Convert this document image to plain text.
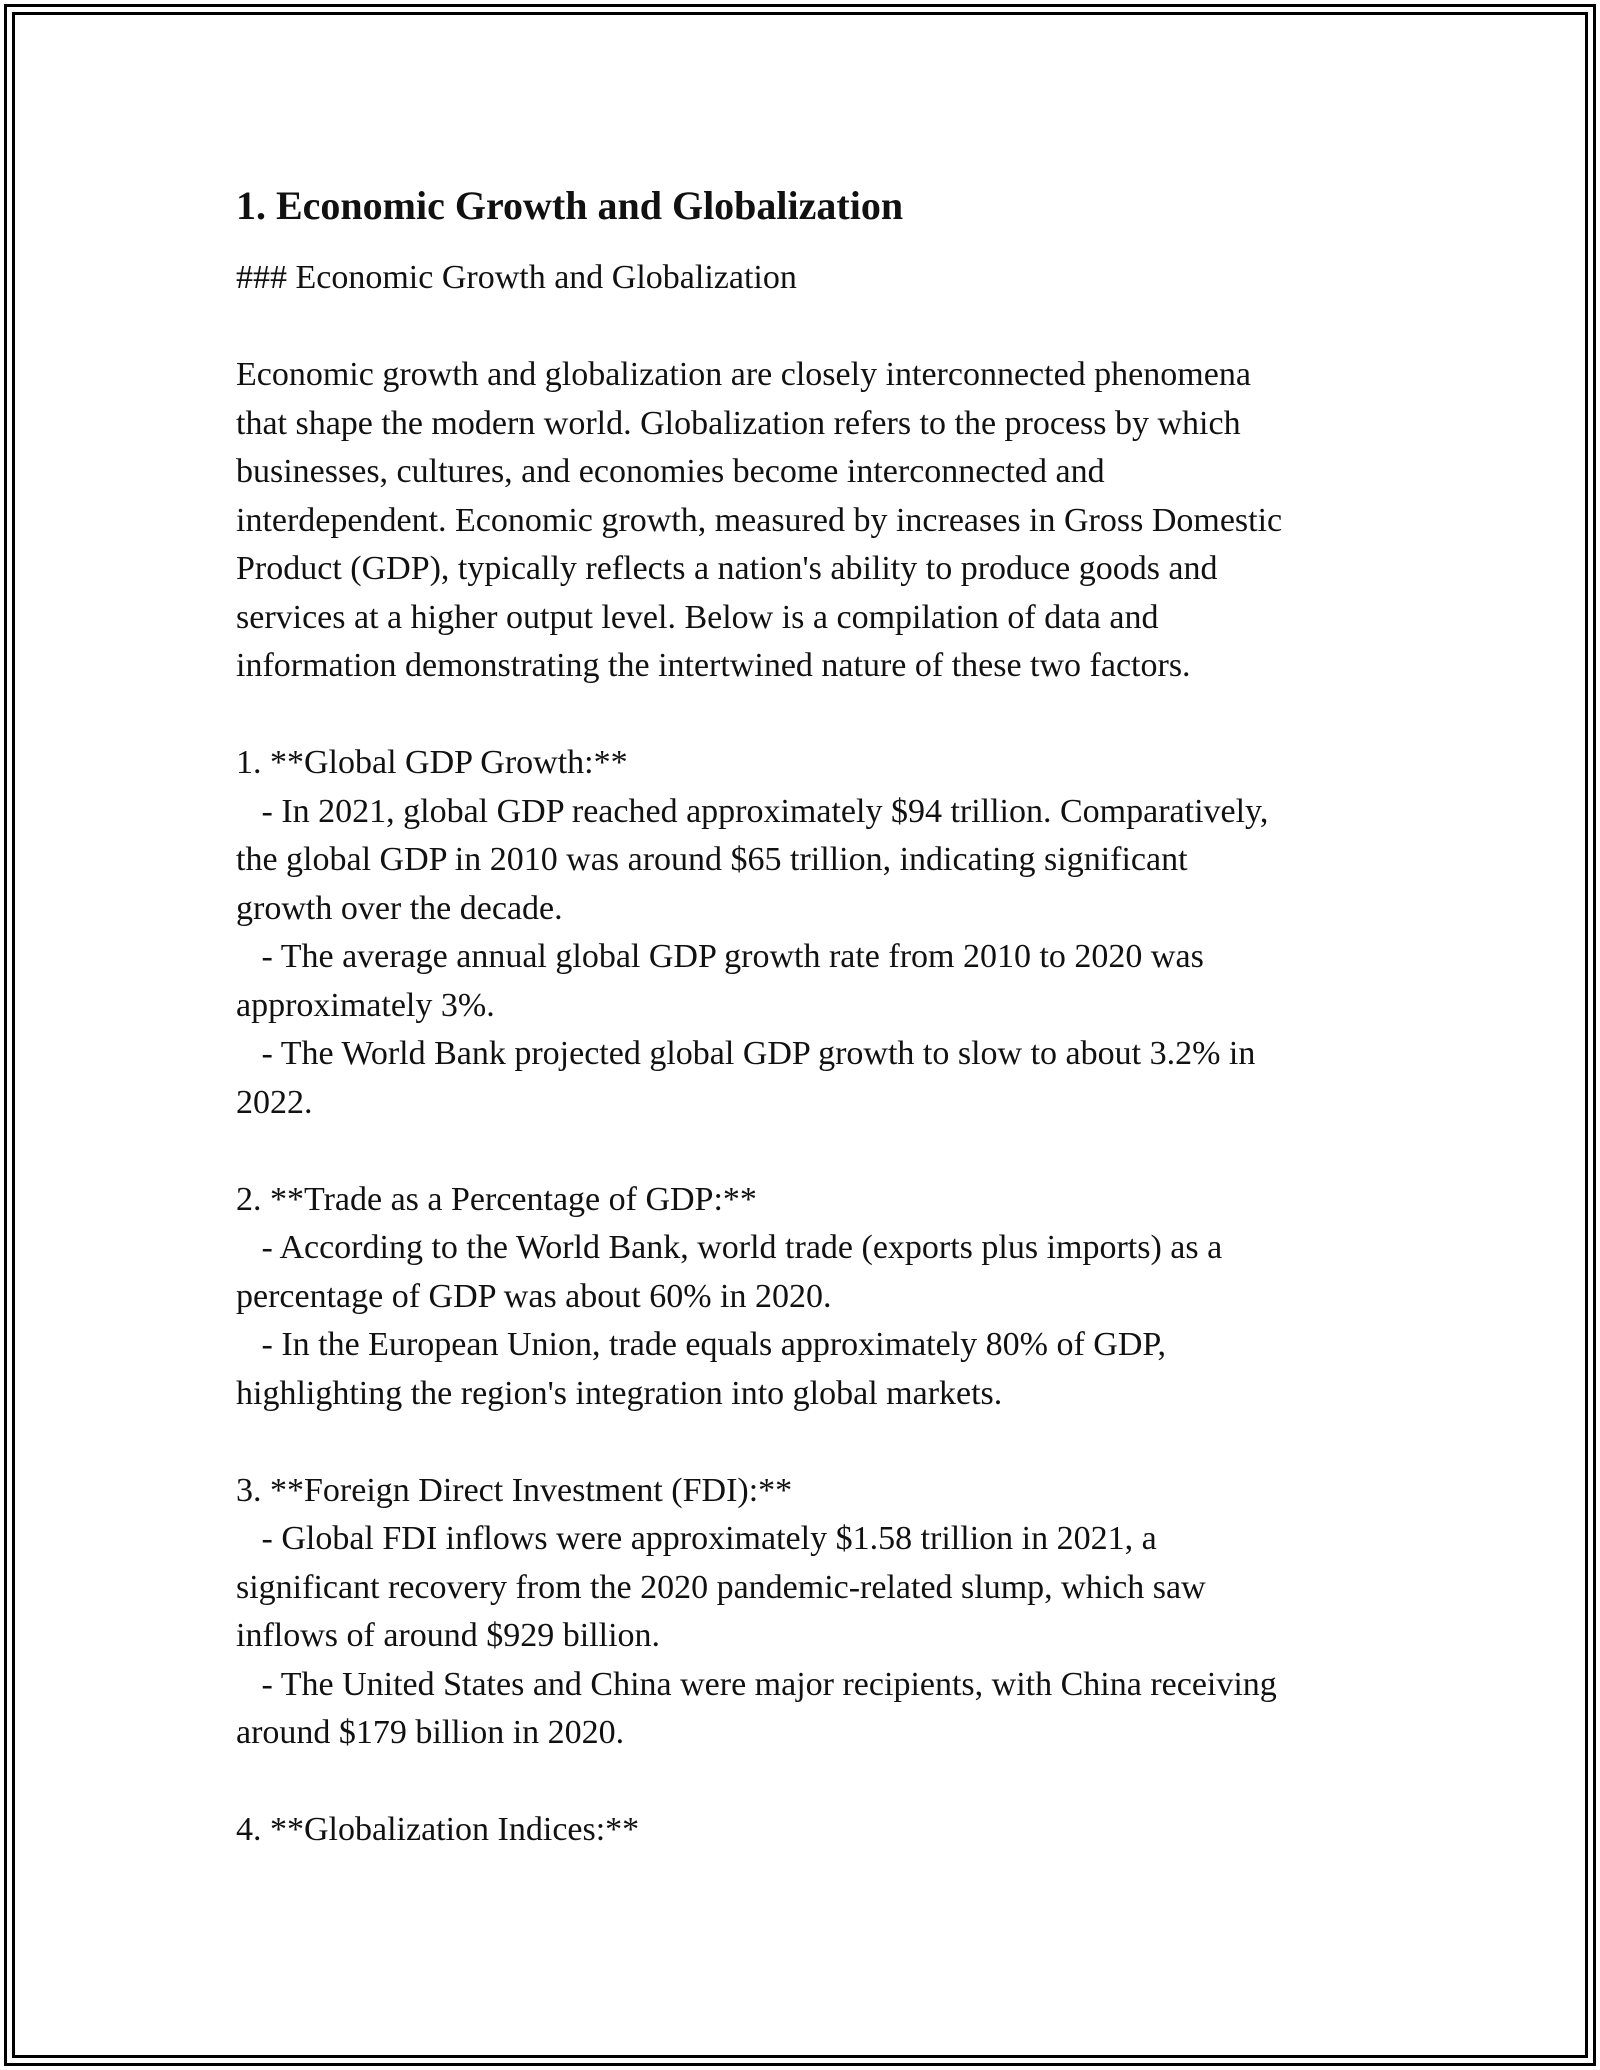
1. Economic Growth and Globalization

### Economic Growth and Globalization

Economic growth and globalization are closely interconnected phenomena

that shape the modern world. Globalization refers to the process by which

businesses, cultures, and economies become interconnected and

interdependent. Economic growth, measured by increases in Gross Domestic

Product (GDP), typically reflects a nation's ability to produce goods and

services at a higher output level. Below is a compilation of data and

information demonstrating the intertwined nature of these two factors.

1. **Global GDP Growth:**

- In 2021, global GDP reached approximately $94 trillion. Comparatively,

the global GDP in 2010 was around $65 trillion, indicating significant

growth over the decade.

- The average annual global GDP growth rate from 2010 to 2020 was

approximately 3%.

- The World Bank projected global GDP growth to slow to about 3.2% in

2022.

2. **Trade as a Percentage of GDP:**

- According to the World Bank, world trade (exports plus imports) as a

percentage of GDP was about 60% in 2020.

- In the European Union, trade equals approximately 80% of GDP,

highlighting the region's integration into global markets.

3. **Foreign Direct Investment (FDI):**

- Global FDI inflows were approximately $1.58 trillion in 2021, a

significant recovery from the 2020 pandemic-related slump, which saw

inflows of around $929 billion.

- The United States and China were major recipients, with China receiving

around $179 billion in 2020.

4. **Globalization Indices:**
